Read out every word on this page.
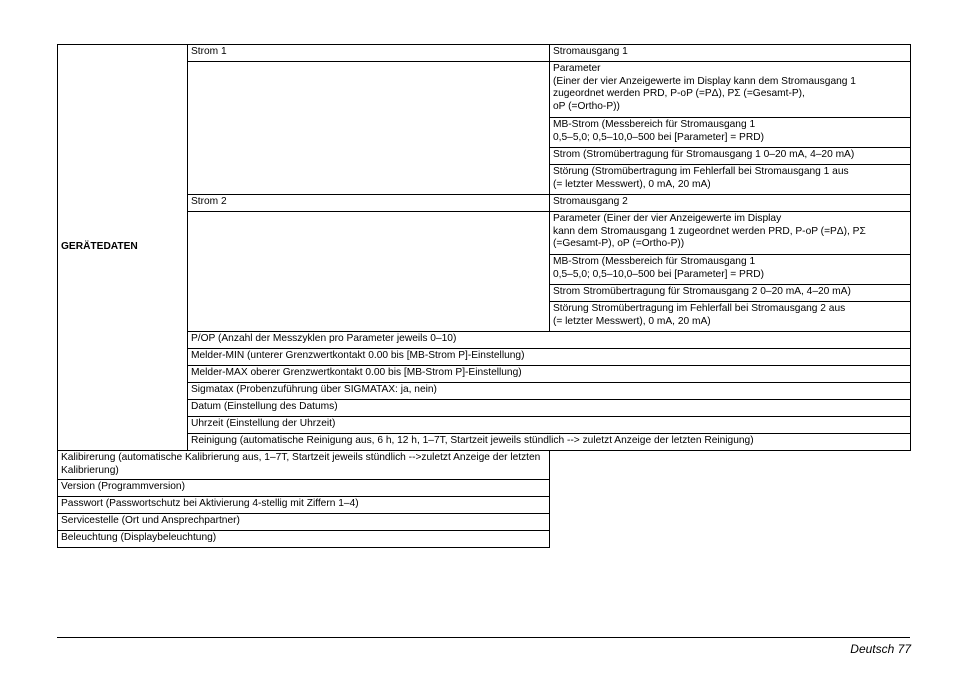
GERÄTEDATEN	Strom 1	Stromausgang 1
		Parameter
(Einer der vier Anzeigewerte im Display kann dem Stromausgang 1
zugeordnet werden PRD, P-oP (=PΔ), PΣ (=Gesamt-P),
oP (=Ortho-P))
		MB-Strom (Messbereich für Stromausgang 1
0,5–5,0; 0,5–10,0–500 bei [Parameter] = PRD)
		Strom (Stromübertragung für Stromausgang 1 0–20 mA, 4–20 mA)
		Störung (Stromübertragung im Fehlerfall bei Stromausgang 1 aus
(= letzter Messwert), 0 mA, 20 mA)
	Strom 2	Stromausgang 2
		Parameter (Einer der vier Anzeigewerte im Display
kann dem Stromausgang 1 zugeordnet werden PRD, P-oP (=PΔ), PΣ
(=Gesamt-P), oP (=Ortho-P))
		MB-Strom (Messbereich für Stromausgang 1
0,5–5,0; 0,5–10,0–500 bei [Parameter] = PRD)
		Strom Stromübertragung für Stromausgang 2 0–20 mA, 4–20 mA)
		Störung Stromübertragung im Fehlerfall bei Stromausgang 2 aus
(= letzter Messwert), 0 mA, 20 mA)
	P/OP (Anzahl der Messzyklen pro Parameter jeweils 0–10)	
	Melder-MIN (unterer Grenzwertkontakt 0.00 bis [MB-Strom P]-Einstellung)	
	Melder-MAX oberer Grenzwertkontakt 0.00 bis [MB-Strom P]-Einstellung)	
	Sigmatax (Probenzuführung über SIGMATAX: ja, nein)	
	Datum (Einstellung des Datums)	
	Uhrzeit (Einstellung der Uhrzeit)	
	Reinigung (automatische Reinigung aus, 6 h, 12 h, 1–7T, Startzeit jeweils stündlich --> zuletzt Anzeige der letzten Reinigung)	
Kalibirerung (automatische Kalibrierung aus, 1–7T, Startzeit jeweils stündlich -->zuletzt Anzeige der letzten Kalibrierung)		
Version (Programmversion)		
Passwort (Passwortschutz bei Aktivierung 4-stellig mit Ziffern 1–4)		
Servicestelle (Ort und Ansprechpartner)		
Beleuchtung (Displaybeleuchtung)		
Deutsch 77
